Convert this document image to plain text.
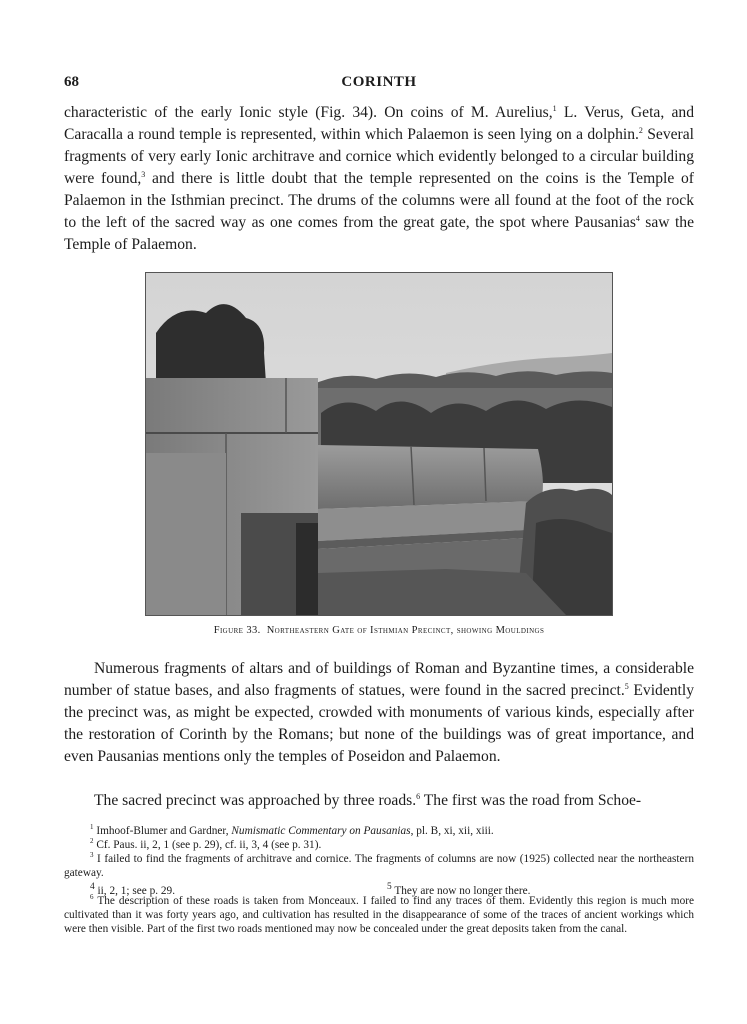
68	CORINTH

characteristic of the early Ionic style (Fig. 34). On coins of M. Aurelius,$^1$ L. Verus, Geta, and Caracalla a round temple is represented, within which Palaemon is seen lying on a dolphin.$^2$ Several fragments of very early Ionic architrave and cornice which evidently belonged to a circular building were found,$^3$ and there is little doubt that the temple represented on the coins is the Temple of Palaemon in the Isthmian precinct. The drums of the columns were all found at the foot of the rock to the left of the sacred way as one comes from the great gate, the spot where Pausanias$^4$ saw the Temple of Palaemon.

Figure 33. Northeastern Gate of Isthmian Precinct, showing Mouldings

Numerous fragments of altars and of buildings of Roman and Byzantine times, a considerable number of statue bases, and also fragments of statues, were found in the sacred precinct.$^5$ Evidently the precinct was, as might be expected, crowded with monuments of various kinds, especially after the restoration of Corinth by the Romans; but none of the buildings was of great importance, and even Pausanias mentions only the temples of Poseidon and Palaemon.

The sacred precinct was approached by three roads.$^6$ The first was the road from Schoe-

$^1$ Imhoof-Blumer and Gardner, Numismatic Commentary on Pausanias, pl. B, xi, xii, xiii.

$^2$ Cf. Paus. ii, 2, 1 (see p. 29), cf. ii, 3, 4 (see p. 31).

$^3$ I failed to find the fragments of architrave and cornice. The fragments of columns are now (1925) collected near the northeastern gateway.

$^4$ ii, 2, 1; see p. 29.	$^5$ They are now no longer there.

$^6$ The description of these roads is taken from Monceaux. I failed to find any traces of them. Evidently this region is much more cultivated than it was forty years ago, and cultivation has resulted in the disappearance of some of the traces of ancient workings which were then visible. Part of the first two roads mentioned may now be concealed under the great deposits taken from the canal.
